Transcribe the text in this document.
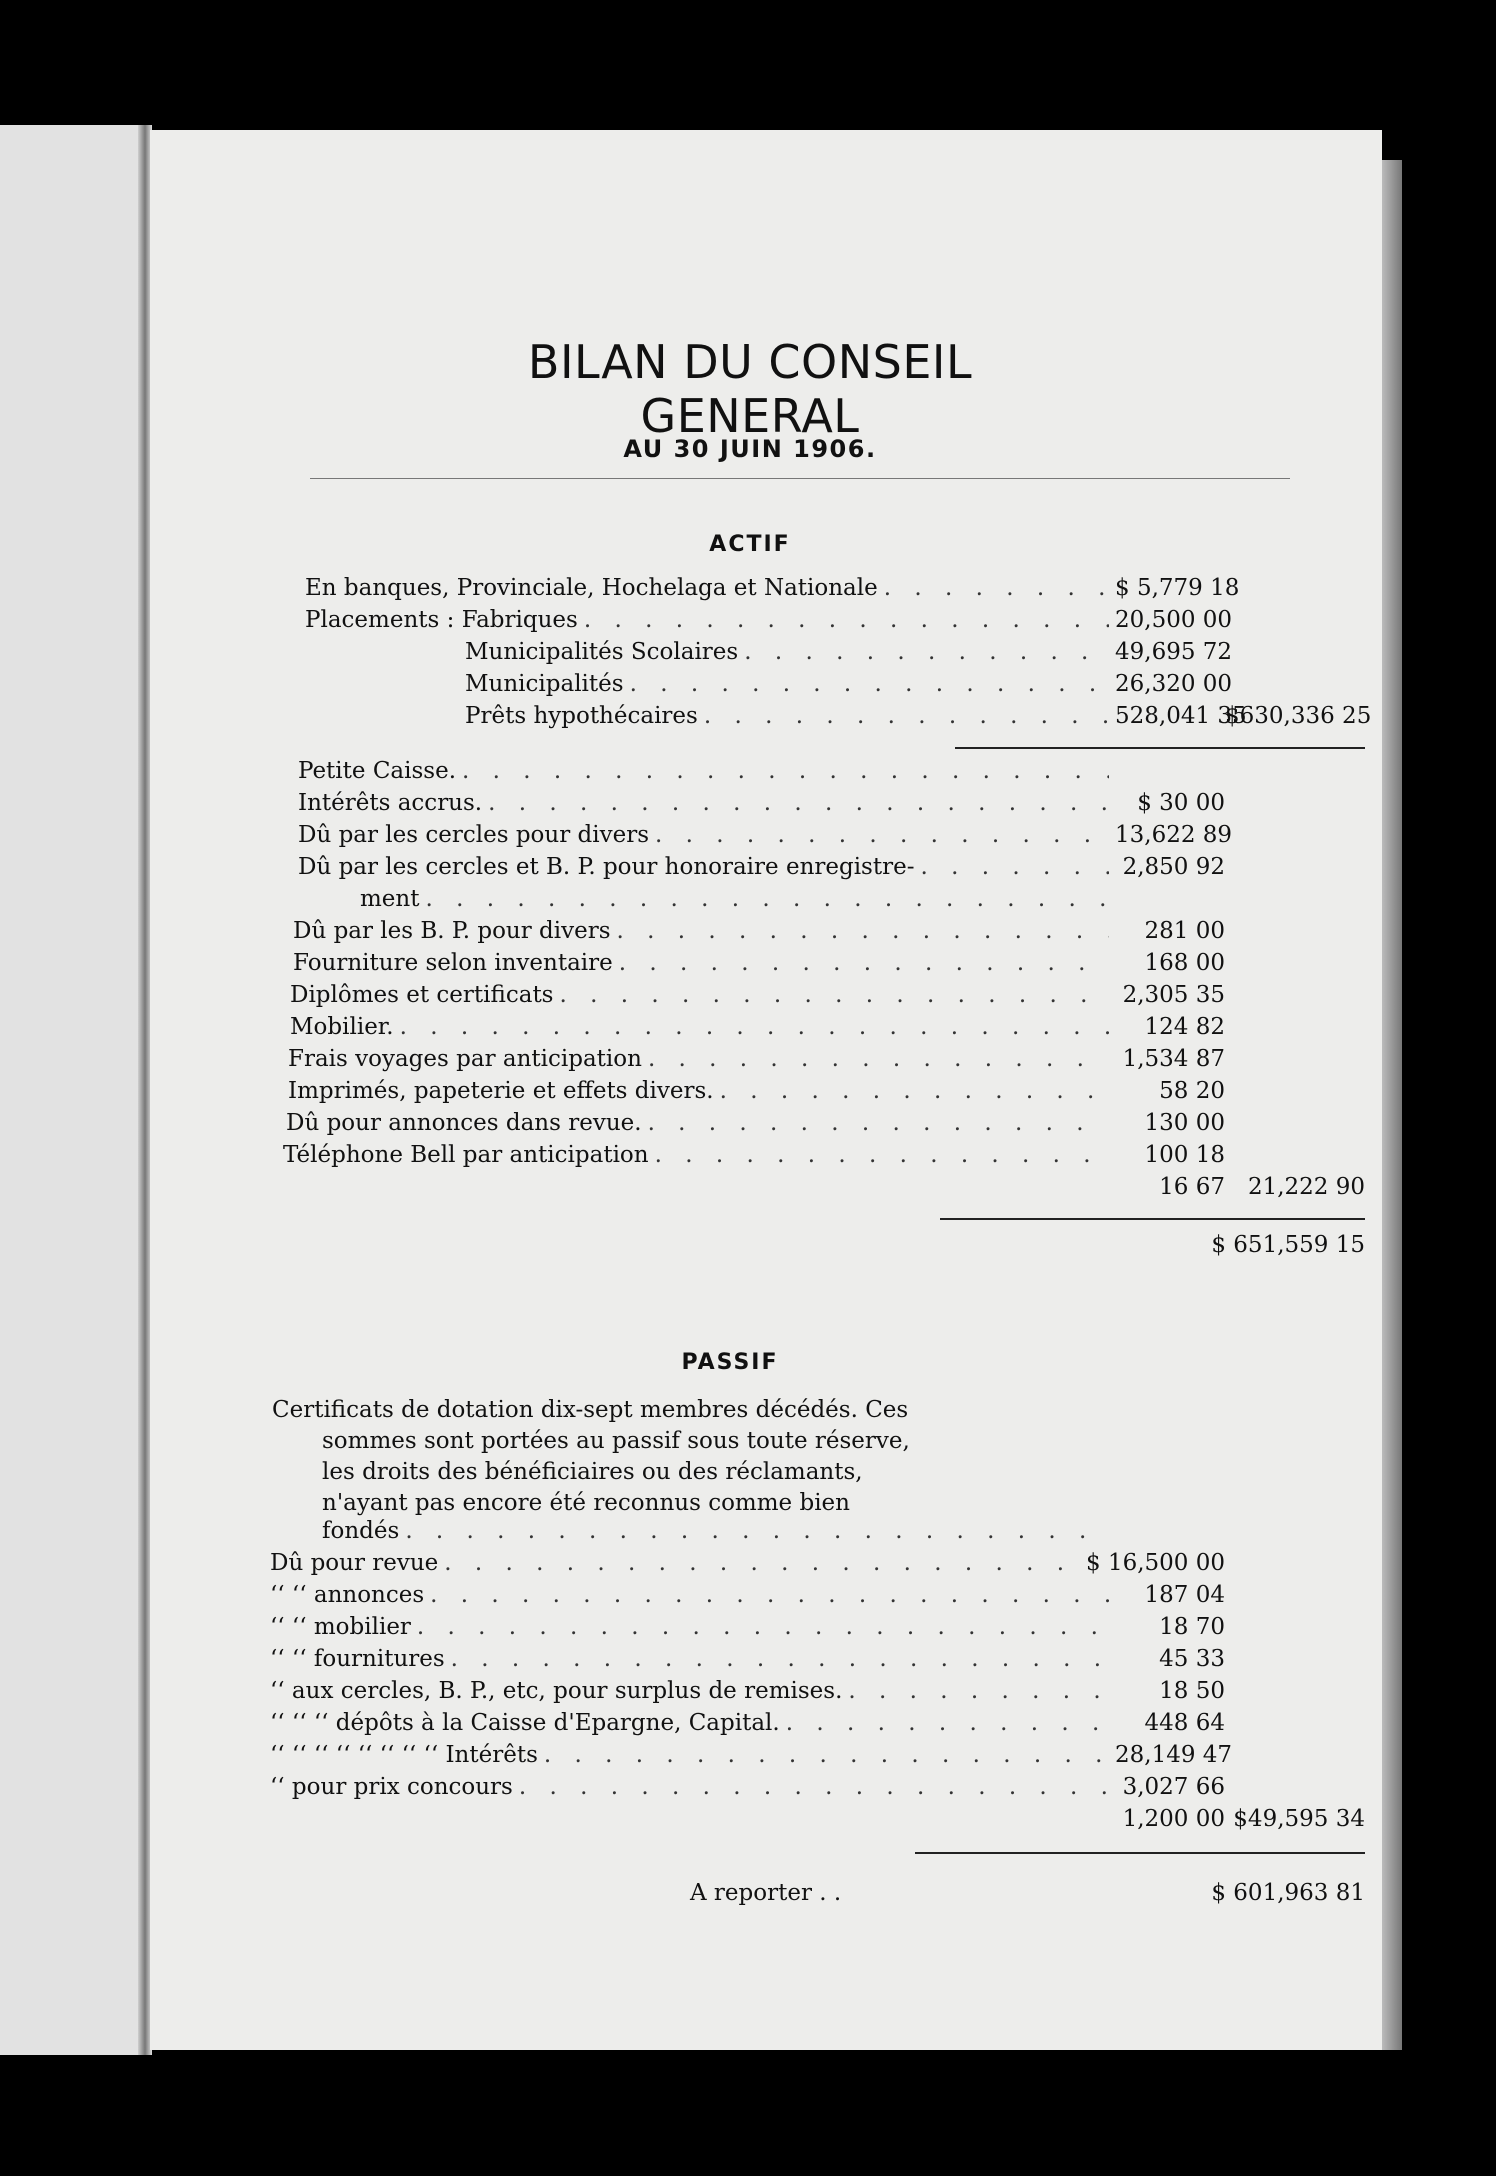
BILAN DU CONSEIL GENERAL
AU 30 JUIN 1906.
ACTIF
En banques, Provinciale, Hochelaga et Nationale . . .	$ 5,779 18
Placements : Fabriques . . .	20,500 00
Municipalités Scolaires . . .	49,695 72
Municipalités . . .	26,320 00
Prêts hypothécaires . . .	528,041 35
$630,336 25
Petite Caisse.
. . .
Intérêts accrus. . . .	$ 30 00
Dû par les cercles pour divers . . .	13,622 89
Dû par les cercles et B. P. pour honoraire enregistre- . . .	2,850 92
ment
. . .
Dû par les B. P. pour divers . . .	281 00
Fourniture selon inventaire . . .	168 00
Diplômes et certificats . . .	2,305 35
Mobilier. . . .	124 82
Frais voyages par anticipation . . .	1,534 87
Imprimés, papeterie et effets divers. . . .	58 20
Dû pour annonces dans revue. . . .	130 00
Téléphone Bell par anticipation . . .	100 18
16 67 21,222 90
$ 651,559 15
PASSIF
Certificats de dotation dix-sept membres décédés. Ces
sommes sont portées au passif sous toute réserve,
les droits des bénéficiaires ou des réclamants,
n'ayant pas encore été reconnus comme bien
fondés
. . .
Dû pour revue . . .	$ 16,500 00
‘‘ ‘‘ annonces . . .	187 04
‘‘ ‘‘ mobilier . . .	18 70
‘‘ ‘‘ fournitures . . .	45 33
‘‘ aux cercles, B. P., etc, pour surplus de remises. . . .	18 50
‘‘ ‘‘ ‘‘ dépôts à la Caisse d'Epargne, Capital. . . .	448 64
‘‘ ‘‘ ‘‘ ‘‘ ‘‘ ‘‘ ‘‘ ‘‘ Intérêts . . .	28,149 47
‘‘ pour prix concours . . .	3,027 66
1,200 00 $49,595 34
A reporter . .	$ 601,963 81
